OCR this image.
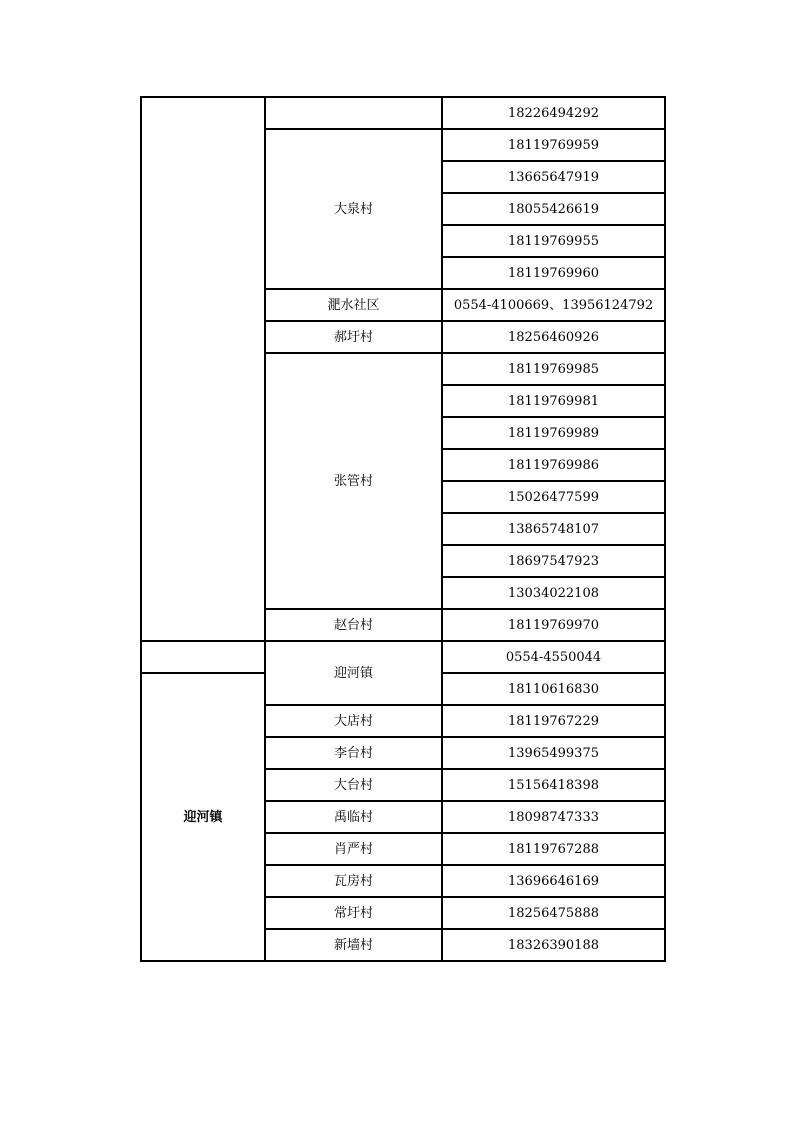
		18226494292
	大泉村	18119769959
		13665647919
		18055426619
		18119769955
		18119769960
	淝水社区	0554-4100669、13956124792
	郝圩村	18256460926
	张管村	18119769985
		18119769981
		18119769989
		18119769986
		15026477599
		13865748107
		18697547923
		13034022108
	赵台村	18119769970
	迎河镇	0554-4550044
迎河镇		18110616830
	大店村	18119767229
	李台村	13965499375
	大台村	15156418398
	禹临村	18098747333
	肖严村	18119767288
	瓦房村	13696646169
	常圩村	18256475888
	新墙村	18326390188
